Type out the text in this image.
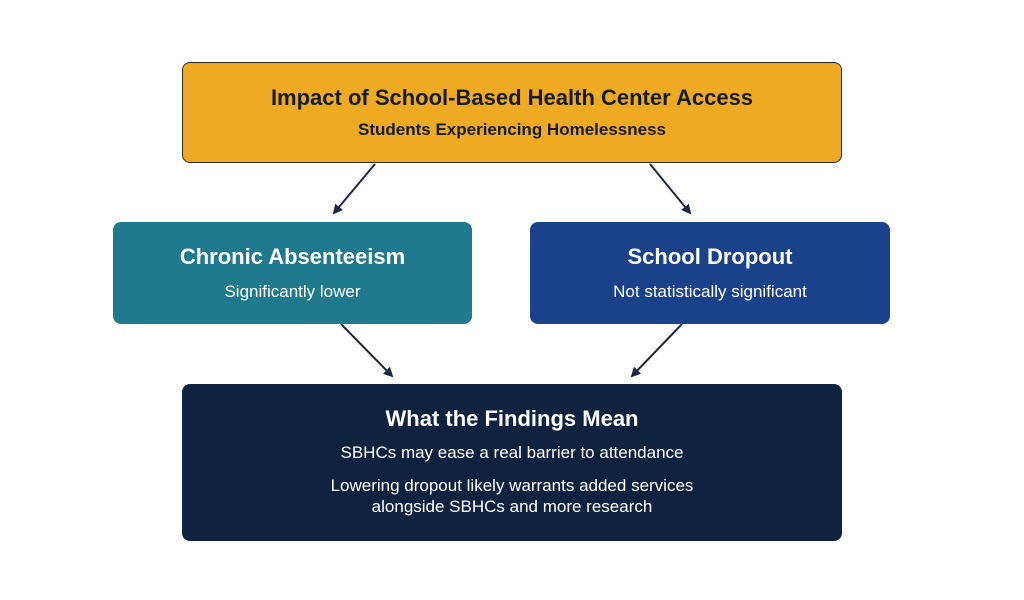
Impact of School-Based Health Center Access
Students Experiencing Homelessness
Chronic Absenteeism
Significantly lower
School Dropout
Not statistically significant
What the Findings Mean
SBHCs may ease a real barrier to attendance
Lowering dropout likely warrants added services
alongside SBHCs and more research
